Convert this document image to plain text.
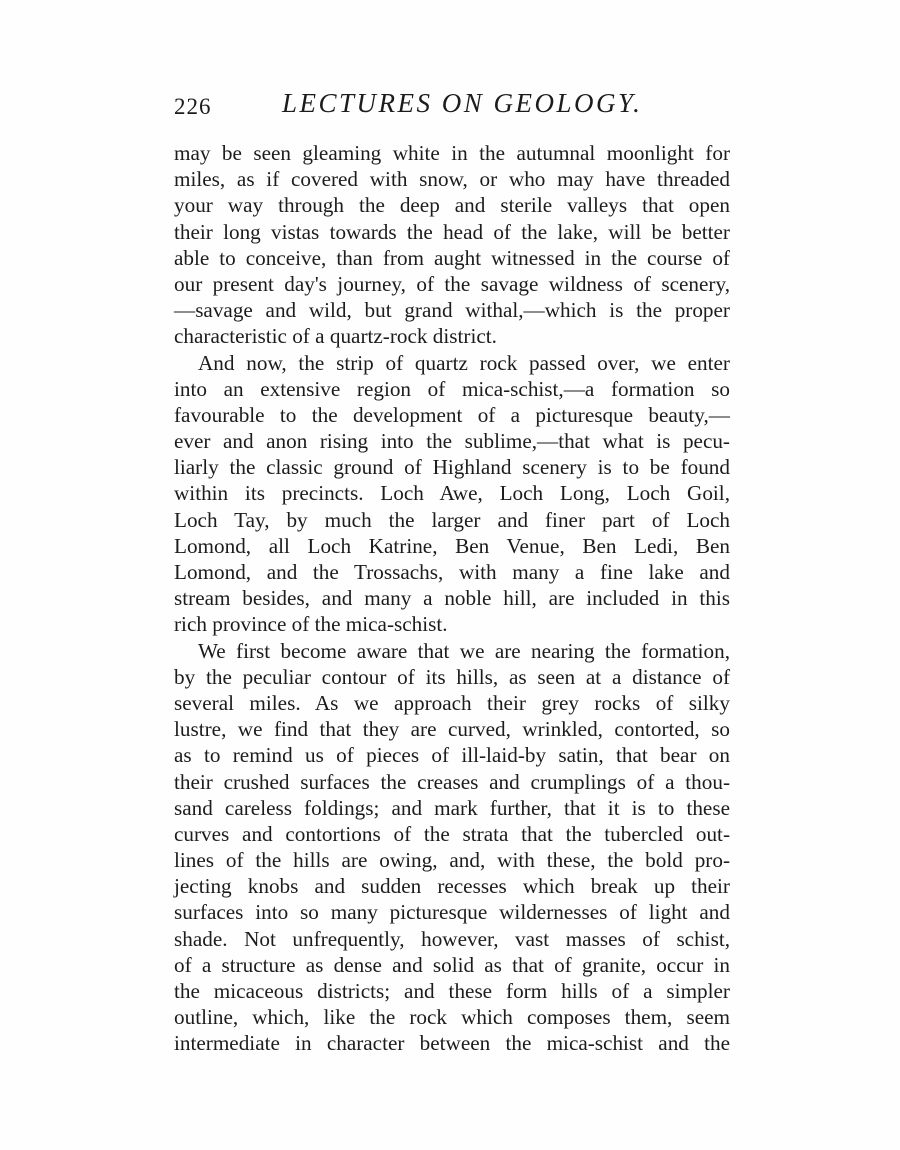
226	LECTURES ON GEOLOGY.
may be seen gleaming white in the autumnal moonlight for
miles, as if covered with snow, or who may have threaded
your way through the deep and sterile valleys that open
their long vistas towards the head of the lake, will be better
able to conceive, than from aught witnessed in the course of
our present day's journey, of the savage wildness of scenery,
—savage and wild, but grand withal,—which is the proper
characteristic of a quartz-rock district.
And now, the strip of quartz rock passed over, we enter
into an extensive region of mica-schist,—a formation so
favourable to the development of a picturesque beauty,—
ever and anon rising into the sublime,—that what is pecu-
liarly the classic ground of Highland scenery is to be found
within its precincts. Loch Awe, Loch Long, Loch Goil,
Loch Tay, by much the larger and finer part of Loch
Lomond, all Loch Katrine, Ben Venue, Ben Ledi, Ben
Lomond, and the Trossachs, with many a fine lake and
stream besides, and many a noble hill, are included in this
rich province of the mica-schist.
We first become aware that we are nearing the formation,
by the peculiar contour of its hills, as seen at a distance of
several miles. As we approach their grey rocks of silky
lustre, we find that they are curved, wrinkled, contorted, so
as to remind us of pieces of ill-laid-by satin, that bear on
their crushed surfaces the creases and crumplings of a thou-
sand careless foldings; and mark further, that it is to these
curves and contortions of the strata that the tubercled out-
lines of the hills are owing, and, with these, the bold pro-
jecting knobs and sudden recesses which break up their
surfaces into so many picturesque wildernesses of light and
shade. Not unfrequently, however, vast masses of schist,
of a structure as dense and solid as that of granite, occur in
the micaceous districts; and these form hills of a simpler
outline, which, like the rock which composes them, seem
intermediate in character between the mica-schist and the
